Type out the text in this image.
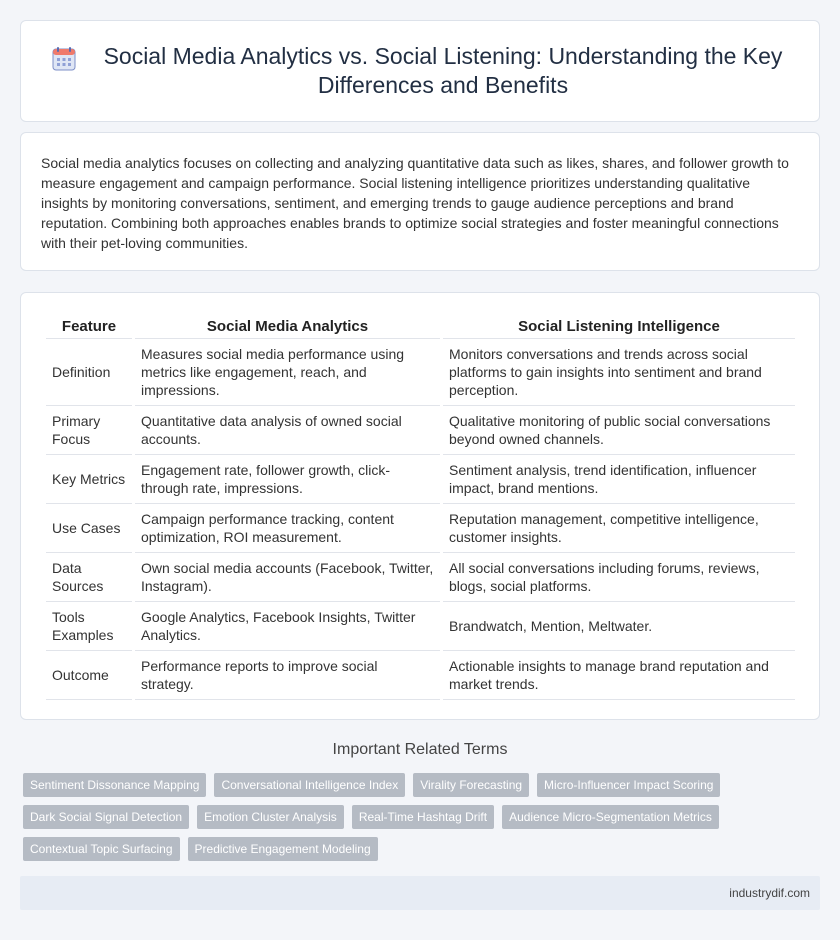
Social Media Analytics vs. Social Listening: Understanding the Key Differences and Benefits

Social media analytics focuses on collecting and analyzing quantitative data such as likes, shares, and follower growth to measure engagement and campaign performance. Social listening intelligence prioritizes understanding qualitative insights by monitoring conversations, sentiment, and emerging trends to gauge audience perceptions and brand reputation. Combining both approaches enables brands to optimize social strategies and foster meaningful connections with their pet-loving communities.

Feature	Social Media Analytics	Social Listening Intelligence
Definition	Measures social media performance using metrics like engagement, reach, and impressions.	Monitors conversations and trends across social platforms to gain insights into sentiment and brand perception.
Primary Focus	Quantitative data analysis of owned social accounts.	Qualitative monitoring of public social conversations beyond owned channels.
Key Metrics	Engagement rate, follower growth, click-through rate, impressions.	Sentiment analysis, trend identification, influencer impact, brand mentions.
Use Cases	Campaign performance tracking, content optimization, ROI measurement.	Reputation management, competitive intelligence, customer insights.
Data Sources	Own social media accounts (Facebook, Twitter, Instagram).	All social conversations including forums, reviews, blogs, social platforms.
Tools Examples	Google Analytics, Facebook Insights, Twitter Analytics.	Brandwatch, Mention, Meltwater.
Outcome	Performance reports to improve social strategy.	Actionable insights to manage brand reputation and market trends.
Important Related Terms
Sentiment Dissonance Mapping	Conversational Intelligence Index	Virality Forecasting	Micro-Influencer Impact Scoring
Dark Social Signal Detection	Emotion Cluster Analysis	Real-Time Hashtag Drift	Audience Micro-Segmentation Metrics
Contextual Topic Surfacing	Predictive Engagement Modeling
industrydif.com
